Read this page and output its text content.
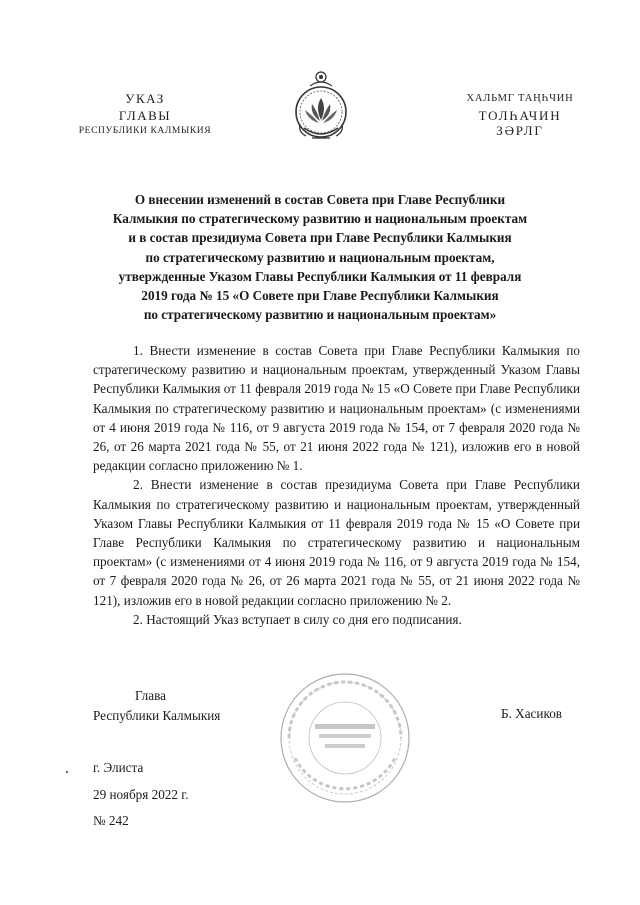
УКАЗ
ГЛАВЫ
РЕСПУБЛИКИ КАЛМЫКИЯ
ХАЛЬМГ ТАҢҺЧИН
ТОЛҺАЧИН
ЗӘРЛГ
О внесении изменений в состав Совета при Главе Республики
Калмыкия по стратегическому развитию и национальным проектам
и в состав президиума Совета при Главе Республики Калмыкия
по стратегическому развитию и национальным проектам,
утвержденные Указом Главы Республики Калмыкия от 11 февраля
2019 года № 15 «О Совете при Главе Республики Калмыкия
по стратегическому развитию и национальным проектам»

1. Внести изменение в состав Совета при Главе Республики Калмыкия по стратегическому развитию и национальным проектам, утвержденный Указом Главы Республики Калмыкия от 11 февраля 2019 года № 15 «О Совете при Главе Республики Калмыкия по стратегическому развитию и национальным проектам» (с изменениями от 4 июня 2019 года № 116, от 9 августа 2019 года № 154, от 7 февраля 2020 года № 26, от 26 марта 2021 года № 55, от 21 июня 2022 года № 121), изложив его в новой редакции согласно приложению № 1.

2. Внести изменение в состав президиума Совета при Главе Республики Калмыкия по стратегическому развитию и национальным проектам, утвержденный Указом Главы Республики Калмыкия от 11 февраля 2019 года № 15 «О Совете при Главе Республики Калмыкия по стратегическому развитию и национальным проектам» (с изменениями от 4 июня 2019 года № 116, от 9 августа 2019 года № 154, от 7 февраля 2020 года № 26, от 26 марта 2021 года № 55, от 21 июня 2022 года № 121), изложив его в новой редакции согласно приложению № 2.

2. Настоящий Указ вступает в силу со дня его подписания.

Глава
Республики Калмыкия	Б. Хасиков
г. Элиста
29 ноября 2022 г.
№ 242
